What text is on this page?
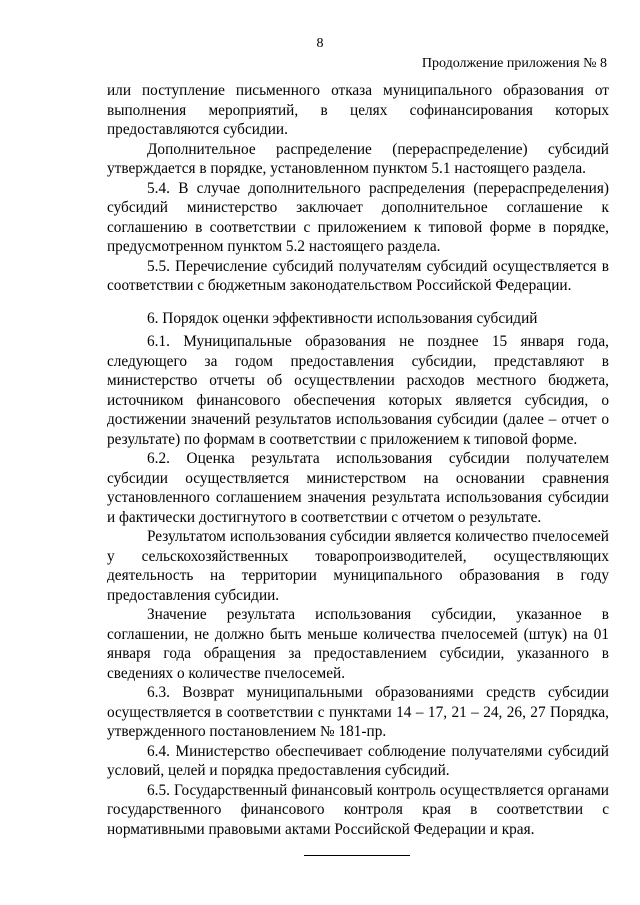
8
Продолжение приложения № 8

или поступление письменного отказа муниципального образования от выполнения мероприятий, в целях софинансирования которых предоставляются субсидии.

Дополнительное распределение (перераспределение) субсидий утверждается в порядке, установленном пунктом 5.1 настоящего раздела.

5.4. В случае дополнительного распределения (перераспределения) субсидий министерство заключает дополнительное соглашение к соглашению в соответствии с приложением к типовой форме в порядке, предусмотренном пунктом 5.2 настоящего раздела.

5.5. Перечисление субсидий получателям субсидий осуществляется в соответствии с бюджетным законодательством Российской Федерации.

6. Порядок оценки эффективности использования субсидий

6.1. Муниципальные образования не позднее 15 января года, следующего за годом предоставления субсидии, представляют в министерство отчеты об осуществлении расходов местного бюджета, источником финансового обеспечения которых является субсидия, о достижении значений результатов использования субсидии (далее – отчет о результате) по формам в соответствии с приложением к типовой форме.

6.2. Оценка результата использования субсидии получателем субсидии осуществляется министерством на основании сравнения установленного соглашением значения результата использования субсидии и фактически достигнутого в соответствии с отчетом о результате.

Результатом использования субсидии является количество пчелосемей у сельскохозяйственных товаропроизводителей, осуществляющих деятельность на территории муниципального образования в году предоставления субсидии.

Значение результата использования субсидии, указанное в соглашении, не должно быть меньше количества пчелосемей (штук) на 01 января года обращения за предоставлением субсидии, указанного в сведениях о количестве пчелосемей.

6.3. Возврат муниципальными образованиями средств субсидии осуществляется в соответствии с пунктами 14 – 17, 21 – 24, 26, 27 Порядка, утвержденного постановлением № 181-пр.

6.4. Министерство обеспечивает соблюдение получателями субсидий условий, целей и порядка предоставления субсидий.

6.5. Государственный финансовый контроль осуществляется органами государственного финансового контроля края в соответствии с нормативными правовыми актами Российской Федерации и края.
